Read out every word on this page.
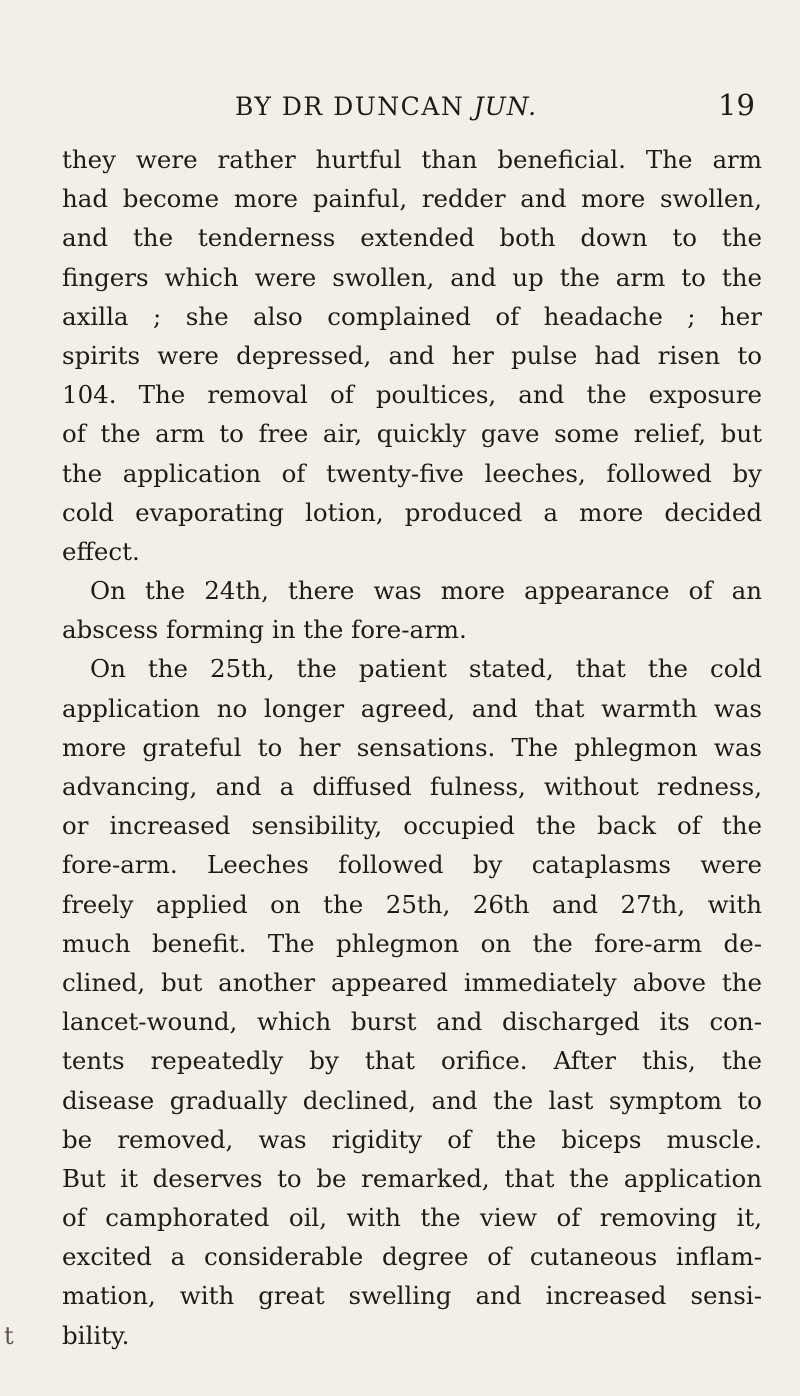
BY DR DUNCAN JUN.	19
they were rather hurtful than beneficial. The arm
had become more painful, redder and more swollen,
and the tenderness extended both down to the
fingers which were swollen, and up the arm to the
axilla ; she also complained of headache ; her
spirits were depressed, and her pulse had risen to
104. The removal of poultices, and the exposure
of the arm to free air, quickly gave some relief, but
the application of twenty-five leeches, followed by
cold evaporating lotion, produced a more decided
effect.
On the 24th, there was more appearance of an
abscess forming in the fore-arm.
On the 25th, the patient stated, that the cold
application no longer agreed, and that warmth was
more grateful to her sensations. The phlegmon was
advancing, and a diffused fulness, without redness,
or increased sensibility, occupied the back of the
fore-arm. Leeches followed by cataplasms were
freely applied on the 25th, 26th and 27th, with
much benefit. The phlegmon on the fore-arm de-
clined, but another appeared immediately above the
lancet-wound, which burst and discharged its con-
tents repeatedly by that orifice. After this, the
disease gradually declined, and the last symptom to
be removed, was rigidity of the biceps muscle.
But it deserves to be remarked, that the application
of camphorated oil, with the view of removing it,
excited a considerable degree of cutaneous inflam-
mation, with great swelling and increased sensi-
bility.
t
